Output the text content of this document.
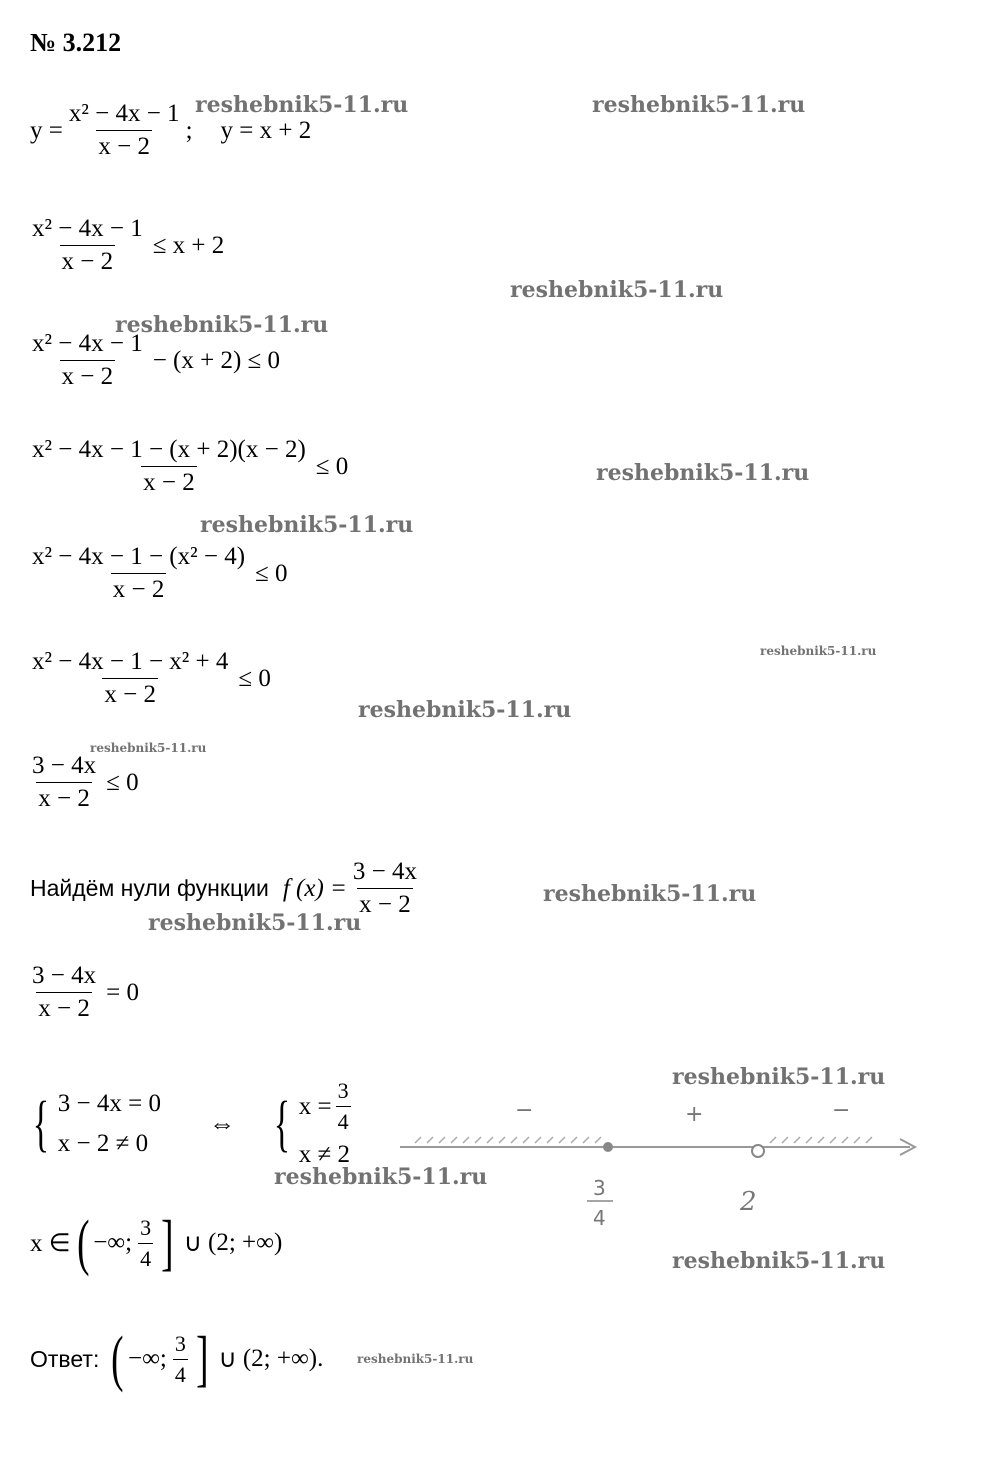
№ 3.212
$y = \frac{\text{x² − 4x − 1}}{x - 2}$ ; y = x + 2
$\frac{\text{x² − 4x − 1}}{x - 2} \le x + 2$
$\frac{\text{x² − 4x − 1}}{x - 2} - (x + 2) \le 0$
$\frac{\text{x² − 4x − 1 − (x + 2)(x − 2)}}{x - 2} \le 0$
$\frac{\text{x² − 4x − 1 − (x² − 4)}}{x - 2} \le 0$
$\frac{\text{x² − 4x − 1 − x² + 4}}{x - 2} \le 0$
$\frac{3 - 4x}{x - 2} \le 0$
Найдём нули функции f $(x) = \frac{3 - 4x}{x - 2}$
$\frac{3 - 4x}{x - 2} = 0$
{ 3 − 4x = 0
x − 2 ≠ 0
⇔ { $x = \frac{3}{4}$
x ≠ 2
−	+	−
3
4
2
x ∈ ( −∞; $\frac{3}{4}$ ] ∪ (2; +∞)
Ответ: ( −∞; $\frac{3}{4}$ ] ∪ (2; +∞) .
reshebnik5-11.ru	reshebnik5-11.ru
reshebnik5-11.ru
reshebnik5-11.ru
reshebnik5-11.ru
reshebnik5-11.ru
reshebnik5-11.ru
reshebnik5-11.ru
reshebnik5-11.ru
reshebnik5-11.ru
reshebnik5-11.ru
reshebnik5-11.ru
reshebnik5-11.ru
reshebnik5-11.ru
reshebnik5-11.ru
